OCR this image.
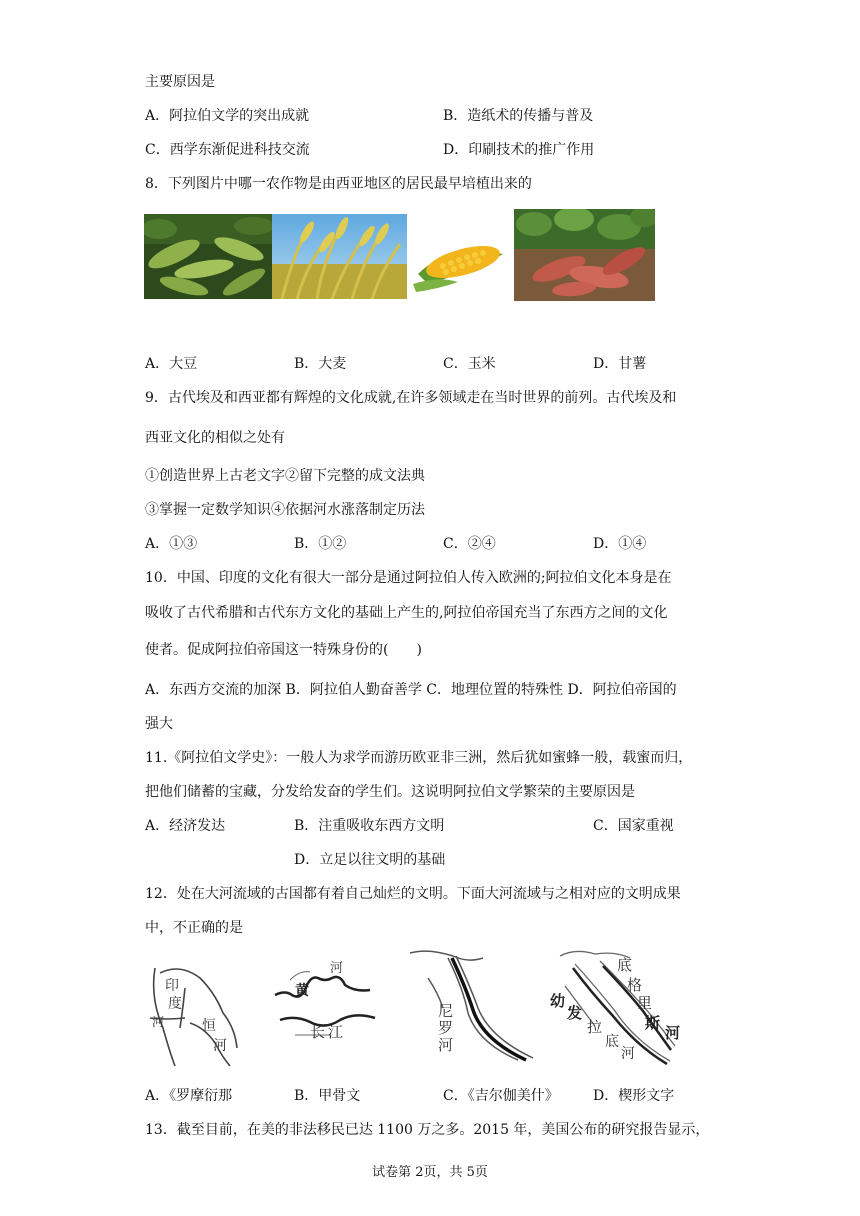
主要原因是
A．阿拉伯文学的突出成就	B．造纸术的传播与普及
C．西学东渐促进科技交流	D．印刷技术的推广作用
8．下列图片中哪一农作物是由西亚地区的居民最早培植出来的
A．大豆	B．大麦	C．玉米	D．甘薯
9．古代埃及和西亚都有辉煌的文化成就,在许多领域走在当时世界的前列。古代埃及和
西亚文化的相似之处有
①创造世界上古老文字②留下完整的成文法典
③掌握一定数学知识④依据河水涨落制定历法
A．①③	B．①②	C．②④	D．①④
10．中国、印度的文化有很大一部分是通过阿拉伯人传入欧洲的;阿拉伯文化本身是在
吸收了古代希腊和古代东方文化的基础上产生的,阿拉伯帝国充当了东西方之间的文化
使者。促成阿拉伯帝国这一特殊身份的(　　)
A．东西方交流的加深 B．阿拉伯人勤奋善学 C．地理位置的特殊性 D．阿拉伯帝国的
强大
11.《阿拉伯文学史》：一般人为求学而游历欧亚非三洲，然后犹如蜜蜂一般，载蜜而归，
把他们储蓄的宝藏，分发给发奋的学生们。这说明阿拉伯文学繁荣的主要原因是
A．经济发达	B．注重吸收东西方文明	C．国家重视
D．立足以往文明的基础
12．处在大河流域的古国都有着自己灿烂的文明。下面大河流域与之相对应的文明成果
中，不正确的是
印
度
河	恒
河
黄
河
长 江
尼
罗
河
幼
发
拉
底
河
底
格
里
斯
河
A．《罗摩衍那	B．甲骨文	C．《吉尔伽美什》 D．楔形文字
13．截至目前，在美的非法移民已达 1100 万之多。2015 年，美国公布的研究报告显示，
试卷第 2页，共 5页
